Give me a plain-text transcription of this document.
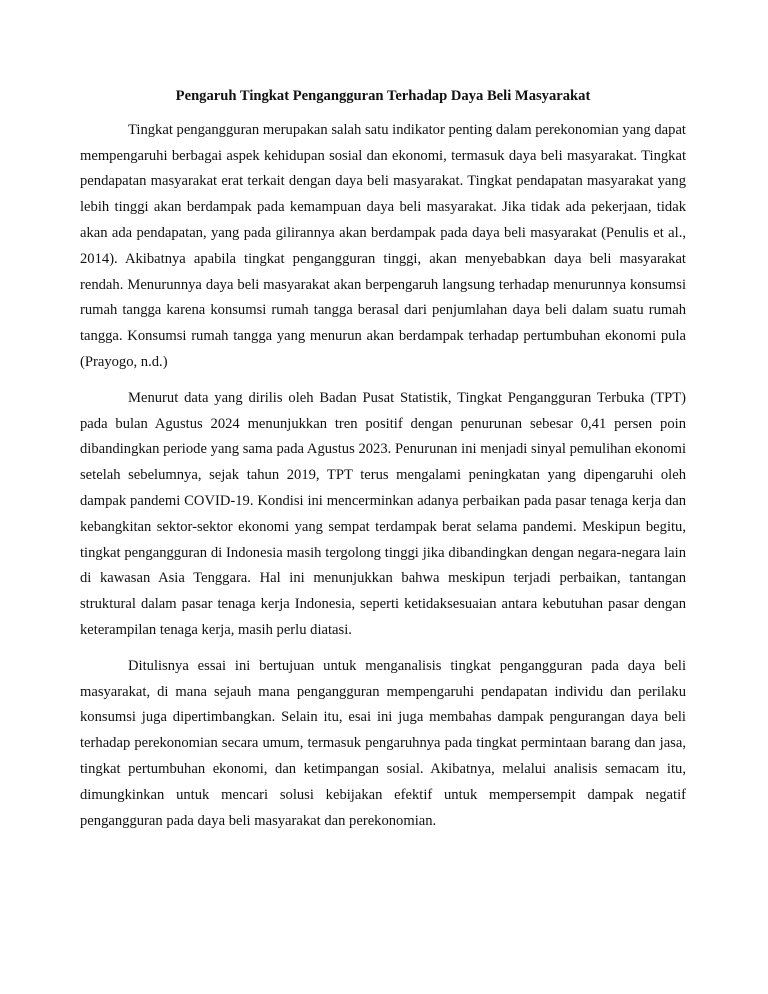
Pengaruh Tingkat Pengangguran Terhadap Daya Beli Masyarakat

Tingkat pengangguran merupakan salah satu indikator penting dalam perekonomian yang dapat mempengaruhi berbagai aspek kehidupan sosial dan ekonomi, termasuk daya beli masyarakat. Tingkat pendapatan masyarakat erat terkait dengan daya beli masyarakat. Tingkat pendapatan masyarakat yang lebih tinggi akan berdampak pada kemampuan daya beli masyarakat. Jika tidak ada pekerjaan, tidak akan ada pendapatan, yang pada gilirannya akan berdampak pada daya beli masyarakat (Penulis et al., 2014). Akibatnya apabila tingkat pengangguran tinggi, akan menyebabkan daya beli masyarakat rendah. Menurunnya daya beli masyarakat akan berpengaruh langsung terhadap menurunnya konsumsi rumah tangga karena konsumsi rumah tangga berasal dari penjumlahan daya beli dalam suatu rumah tangga. Konsumsi rumah tangga yang menurun akan berdampak terhadap pertumbuhan ekonomi pula (Prayogo, n.d.)

Menurut data yang dirilis oleh Badan Pusat Statistik, Tingkat Pengangguran Terbuka (TPT) pada bulan Agustus 2024 menunjukkan tren positif dengan penurunan sebesar 0,41 persen poin dibandingkan periode yang sama pada Agustus 2023. Penurunan ini menjadi sinyal pemulihan ekonomi setelah sebelumnya, sejak tahun 2019, TPT terus mengalami peningkatan yang dipengaruhi oleh dampak pandemi COVID-19. Kondisi ini mencerminkan adanya perbaikan pada pasar tenaga kerja dan kebangkitan sektor-sektor ekonomi yang sempat terdampak berat selama pandemi. Meskipun begitu, tingkat pengangguran di Indonesia masih tergolong tinggi jika dibandingkan dengan negara-negara lain di kawasan Asia Tenggara. Hal ini menunjukkan bahwa meskipun terjadi perbaikan, tantangan struktural dalam pasar tenaga kerja Indonesia, seperti ketidaksesuaian antara kebutuhan pasar dengan keterampilan tenaga kerja, masih perlu diatasi.

Ditulisnya essai ini bertujuan untuk menganalisis tingkat pengangguran pada daya beli masyarakat, di mana sejauh mana pengangguran mempengaruhi pendapatan individu dan perilaku konsumsi juga dipertimbangkan. Selain itu, esai ini juga membahas dampak pengurangan daya beli terhadap perekonomian secara umum, termasuk pengaruhnya pada tingkat permintaan barang dan jasa, tingkat pertumbuhan ekonomi, dan ketimpangan sosial. Akibatnya, melalui analisis semacam itu, dimungkinkan untuk mencari solusi kebijakan efektif untuk mempersempit dampak negatif pengangguran pada daya beli masyarakat dan perekonomian.
